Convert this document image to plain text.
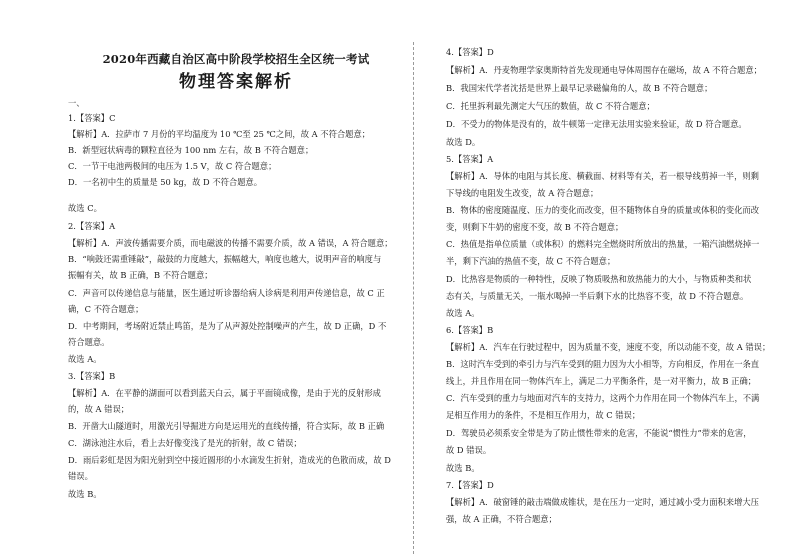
2020年西藏自治区高中阶段学校招生全区统一考试
物理答案解析
一、
1.【答案】C
【解析】A．拉萨市 7 月份的平均温度为 10 ℃至 25 ℃之间，故 A 不符合题意；
B．新型冠状病毒的颗粒直径为 100 nm 左右，故 B 不符合题意；
C．一节干电池两极间的电压为 1.5 V，故 C 符合题意；
D．一名初中生的质量是 50 kg，故 D 不符合题意。
故选 C。
2.【答案】A
【解析】A．声波传播需要介质，而电磁波的传播不需要介质，故 A 错误，A 符合题意；
B．“响鼓还需重锤敲”，敲鼓的力度越大，振幅越大，响度也越大，说明声音的响度与
振幅有关，故 B 正确，B 不符合题意；
C．声音可以传递信息与能量，医生通过听诊器给病人诊病是利用声传递信息，故 C 正
确，C 不符合题意；
D．中考期间，考场附近禁止鸣笛，是为了从声源处控制噪声的产生，故 D 正确，D 不
符合题意。
故选 A。
3.【答案】B
【解析】A．在平静的湖面可以看到蓝天白云，属于平面镜成像，是由于光的反射形成
的，故 A 错误；
B．开凿大山隧道时，用激光引导掘进方向是运用光的直线传播，符合实际，故 B 正确
C．湖泳池注水后，看上去好像变浅了是光的折射，故 C 错误；
D．雨后彩虹是因为阳光射到空中接近圆形的小水滴发生折射，造成光的色散而成，故 D
错误。
故选 B。
4.【答案】D
【解析】A．丹麦物理学家奥斯特首先发现通电导体周围存在磁场，故 A 不符合题意；
B．我国宋代学者沈括是世界上最早记录磁偏角的人，故 B 不符合题意；
C．托里拆利最先测定大气压的数值，故 C 不符合题意；
D．不受力的物体是没有的，故牛顿第一定律无法用实验来验证，故 D 符合题意。
故选 D。
5.【答案】A
【解析】A．导体的电阻与其长度、横截面、材料等有关，若一根导线剪掉一半，则剩
下导线的电阻发生改变，故 A 符合题意；
B．物体的密度随温度、压力的变化而改变，但不随物体自身的质量或体积的变化而改
变，则剩下牛奶的密度不变，故 B 不符合题意；
C．热值是指单位质量（或体积）的燃料完全燃烧时所放出的热量，一箱汽油燃烧掉一
半，剩下汽油的热值不变，故 C 不符合题意；
D．比热容是物质的一种特性，反映了物质吸热和放热能力的大小，与物质种类和状
态有关，与质量无关，一瓶水喝掉一半后剩下水的比热容不变，故 D 不符合题意。
故选 A。
6.【答案】B
【解析】A．汽车在行驶过程中，因为质量不变，速度不变，所以动能不变，故 A 错误；
B．这时汽车受到的牵引力与汽车受到的阻力因为大小相等，方向相反，作用在一条直
线上，并且作用在同一物体汽车上，满足二力平衡条件，是一对平衡力，故 B 正确；
C．汽车受到的重力与地面对汽车的支持力，这两个力作用在同一个物体汽车上，不满
足相互作用力的条件，不是相互作用力，故 C 错误；
D．驾驶员必须系安全带是为了防止惯性带来的危害，不能说“惯性力”带来的危害，
故 D 错误。
故选 B。
7.【答案】D
【解析】A．破窗锤的敲击端做成锥状，是在压力一定时，通过减小受力面积来增大压
强，故 A 正确，不符合题意；
